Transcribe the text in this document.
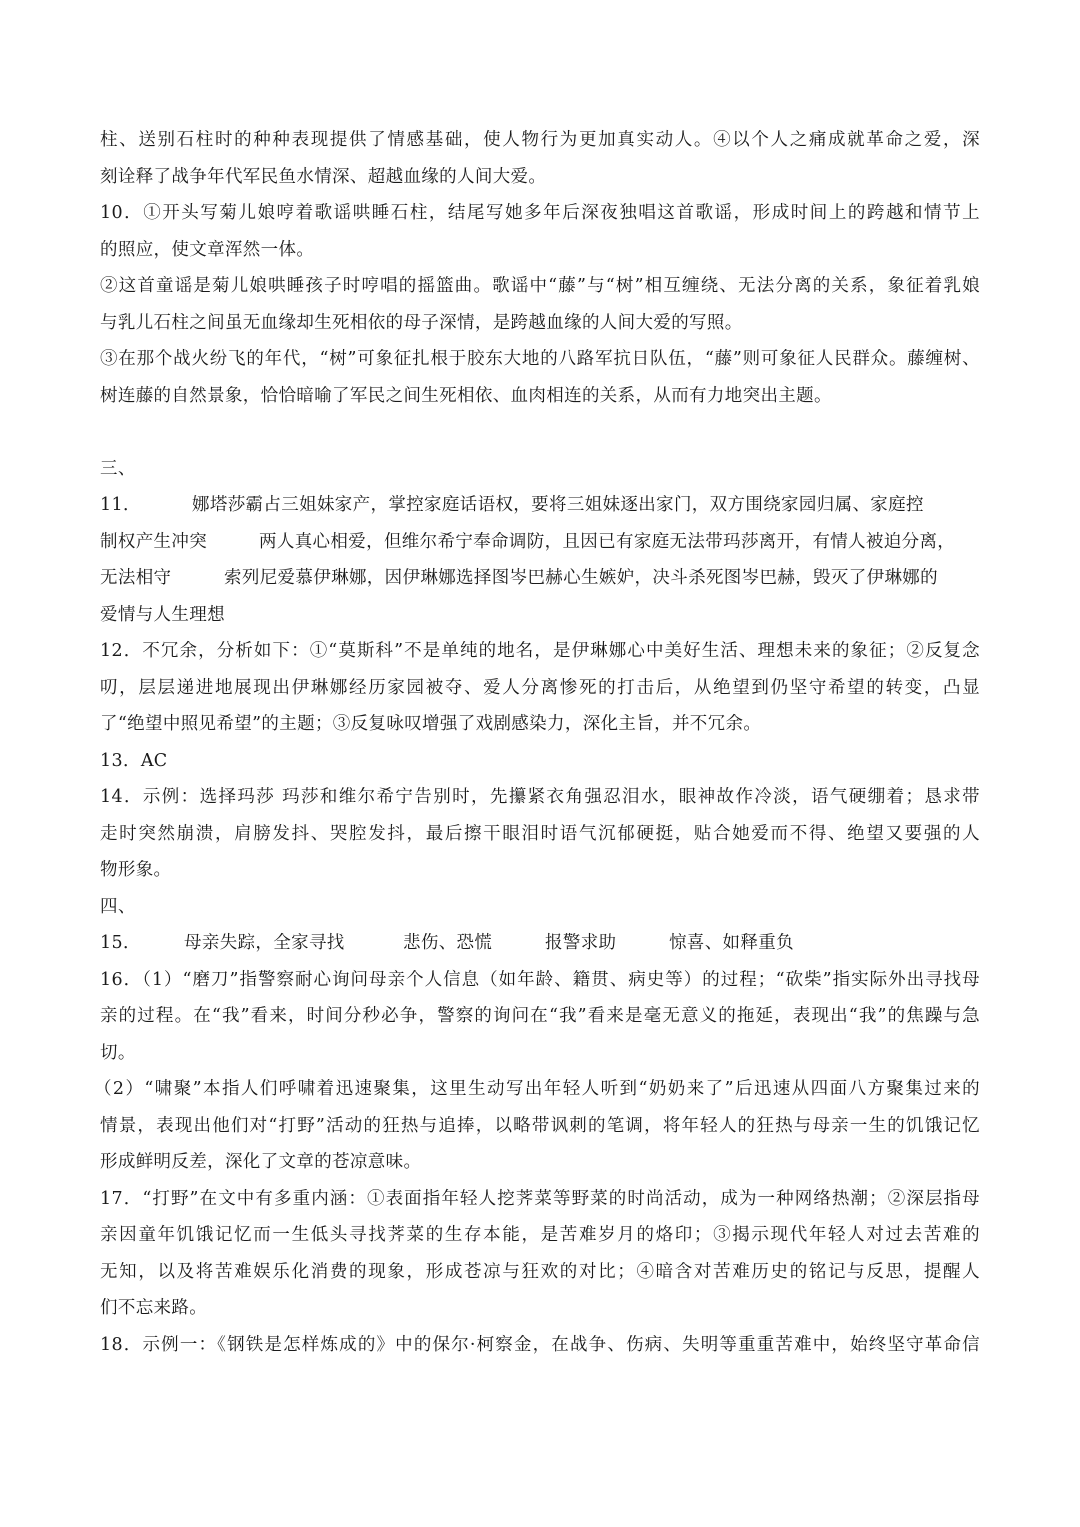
柱、送别石柱时的种种表现提供了情感基础，使人物行为更加真实动人。④以个人之痛成就革命之爱，深
刻诠释了战争年代军民鱼水情深、超越血缘的人间大爱。
10．①开头写菊儿娘哼着歌谣哄睡石柱，结尾写她多年后深夜独唱这首歌谣，形成时间上的跨越和情节上
的照应，使文章浑然一体。
②这首童谣是菊儿娘哄睡孩子时哼唱的摇篮曲。歌谣中“藤”与“树”相互缠绕、无法分离的关系，象征着乳娘
与乳儿石柱之间虽无血缘却生死相依的母子深情，是跨越血缘的人间大爱的写照。
③在那个战火纷飞的年代，“树”可象征扎根于胶东大地的八路军抗日队伍，“藤”则可象征人民群众。藤缠树、
树连藤的自然景象，恰恰暗喻了军民之间生死相依、血肉相连的关系，从而有力地突出主题。
三、
11．	娜塔莎霸占三姐妹家产，掌控家庭话语权，要将三姐妹逐出家门，双方围绕家园归属、家庭控
制权产生冲突	两人真心相爱，但维尔希宁奉命调防，且因已有家庭无法带玛莎离开，有情人被迫分离，
无法相守	索列尼爱慕伊琳娜，因伊琳娜选择图岑巴赫心生嫉妒，决斗杀死图岑巴赫，毁灭了伊琳娜的
爱情与人生理想
12．不冗余，分析如下：①“莫斯科”不是单纯的地名，是伊琳娜心中美好生活、理想未来的象征；②反复念
叨，层层递进地展现出伊琳娜经历家园被夺、爱人分离惨死的打击后，从绝望到仍坚守希望的转变，凸显
了“绝望中照见希望”的主题；③反复咏叹增强了戏剧感染力，深化主旨，并不冗余。
13．AC
14．示例：选择玛莎 玛莎和维尔希宁告别时，先攥紧衣角强忍泪水，眼神故作冷淡，语气硬绷着；恳求带
走时突然崩溃，肩膀发抖、哭腔发抖，最后擦干眼泪时语气沉郁硬挺，贴合她爱而不得、绝望又要强的人
物形象。
四、
15． 母亲失踪，全家寻找	悲伤、恐慌	报警求助	惊喜、如释重负
16．（1）“磨刀”指警察耐心询问母亲个人信息（如年龄、籍贯、病史等）的过程；“砍柴”指实际外出寻找母
亲的过程。在“我”看来，时间分秒必争，警察的询问在“我”看来是毫无意义的拖延，表现出“我”的焦躁与急
切。
（2）“啸聚”本指人们呼啸着迅速聚集，这里生动写出年轻人听到“奶奶来了”后迅速从四面八方聚集过来的
情景，表现出他们对“打野”活动的狂热与追捧，以略带讽刺的笔调，将年轻人的狂热与母亲一生的饥饿记忆
形成鲜明反差，深化了文章的苍凉意味。
17．“打野”在文中有多重内涵：①表面指年轻人挖荠菜等野菜的时尚活动，成为一种网络热潮；②深层指母
亲因童年饥饿记忆而一生低头寻找荠菜的生存本能，是苦难岁月的烙印；③揭示现代年轻人对过去苦难的
无知，以及将苦难娱乐化消费的现象，形成苍凉与狂欢的对比；④暗含对苦难历史的铭记与反思，提醒人
们不忘来路。
18．示例一：《钢铁是怎样炼成的》中的保尔·柯察金，在战争、伤病、失明等重重苦难中，始终坚守革命信
